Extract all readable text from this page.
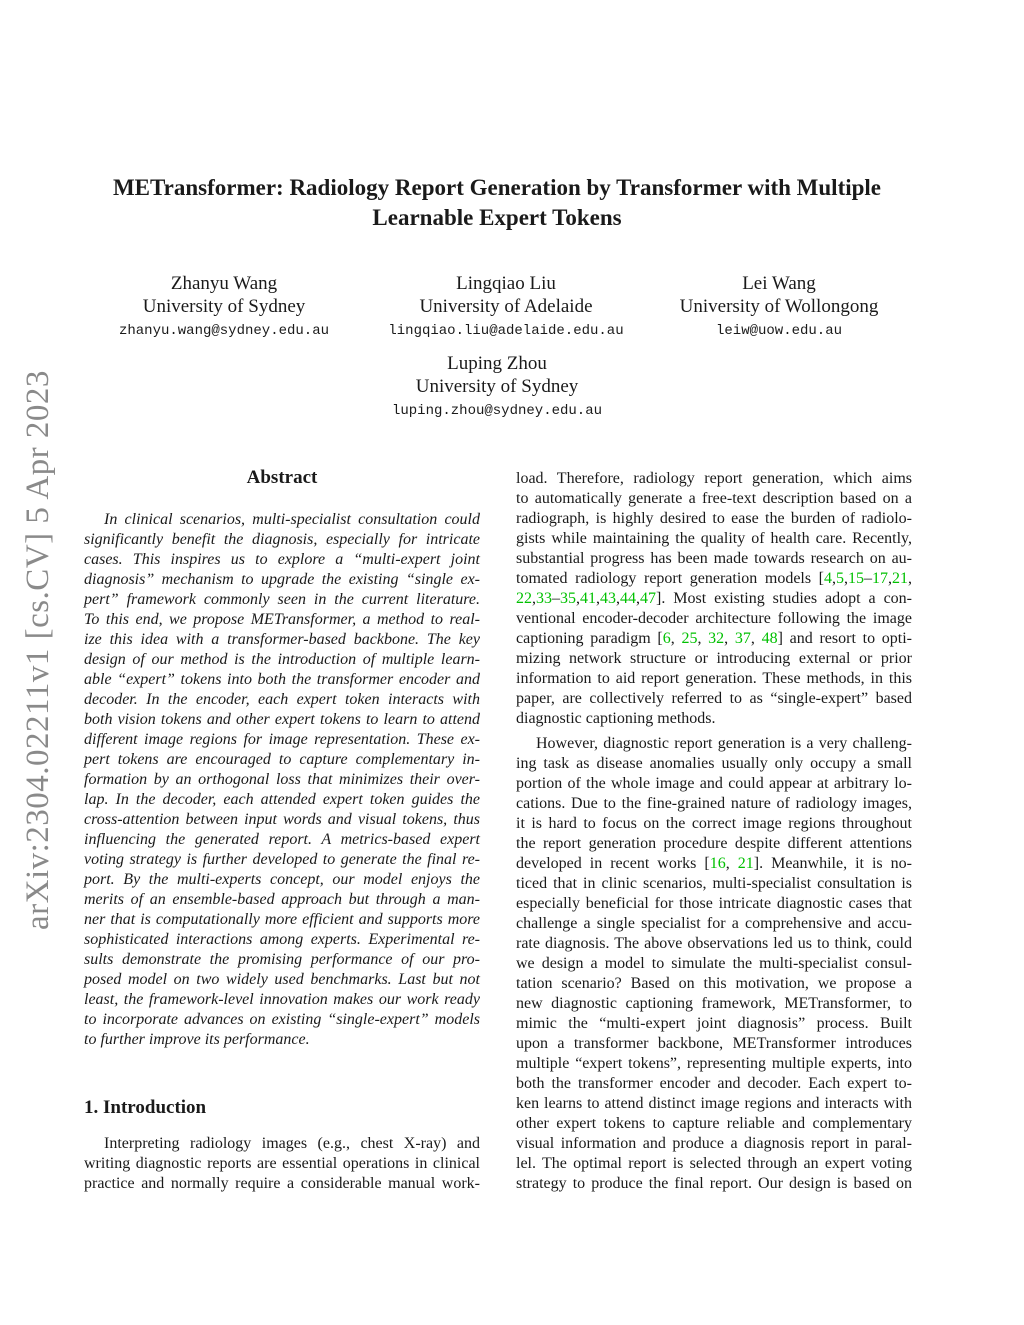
arXiv:2304.02211v1 [cs.CV] 5 Apr 2023
METransformer: Radiology Report Generation by Transformer with Multiple
Learnable Expert Tokens
Zhanyu Wang
University of Sydney
zhanyu.wang@sydney.edu.au
Lingqiao Liu
University of Adelaide
lingqiao.liu@adelaide.edu.au
Lei Wang
University of Wollongong
leiw@uow.edu.au
Luping Zhou
University of Sydney
luping.zhou@sydney.edu.au
Abstract
In clinical scenarios, multi-specialist consultation could
significantly benefit the diagnosis, especially for intricate
cases. This inspires us to explore a “multi-expert joint
diagnosis” mechanism to upgrade the existing “single ex-
pert” framework commonly seen in the current literature.
To this end, we propose METransformer, a method to real-
ize this idea with a transformer-based backbone. The key
design of our method is the introduction of multiple learn-
able “expert” tokens into both the transformer encoder and
decoder. In the encoder, each expert token interacts with
both vision tokens and other expert tokens to learn to attend
different image regions for image representation. These ex-
pert tokens are encouraged to capture complementary in-
formation by an orthogonal loss that minimizes their over-
lap. In the decoder, each attended expert token guides the
cross-attention between input words and visual tokens, thus
influencing the generated report. A metrics-based expert
voting strategy is further developed to generate the final re-
port. By the multi-experts concept, our model enjoys the
merits of an ensemble-based approach but through a man-
ner that is computationally more efficient and supports more
sophisticated interactions among experts. Experimental re-
sults demonstrate the promising performance of our pro-
posed model on two widely used benchmarks. Last but not
least, the framework-level innovation makes our work ready
to incorporate advances on existing “single-expert” models
to further improve its performance.
1. Introduction
Interpreting radiology images (e.g., chest X-ray) and
writing diagnostic reports are essential operations in clinical
practice and normally require a considerable manual work-
load. Therefore, radiology report generation, which aims
to automatically generate a free-text description based on a
radiograph, is highly desired to ease the burden of radiolo-
gists while maintaining the quality of health care. Recently,
substantial progress has been made towards research on au-
tomated radiology report generation models [4,5,15–17,21,
22,33–35,41,43,44,47]. Most existing studies adopt a con-
ventional encoder-decoder architecture following the image
captioning paradigm [6, 25, 32, 37, 48] and resort to opti-
mizing network structure or introducing external or prior
information to aid report generation. These methods, in this
paper, are collectively referred to as “single-expert” based
diagnostic captioning methods.
However, diagnostic report generation is a very challeng-
ing task as disease anomalies usually only occupy a small
portion of the whole image and could appear at arbitrary lo-
cations. Due to the fine-grained nature of radiology images,
it is hard to focus on the correct image regions throughout
the report generation procedure despite different attentions
developed in recent works [16, 21]. Meanwhile, it is no-
ticed that in clinic scenarios, multi-specialist consultation is
especially beneficial for those intricate diagnostic cases that
challenge a single specialist for a comprehensive and accu-
rate diagnosis. The above observations led us to think, could
we design a model to simulate the multi-specialist consul-
tation scenario? Based on this motivation, we propose a
new diagnostic captioning framework, METransformer, to
mimic the “multi-expert joint diagnosis” process. Built
upon a transformer backbone, METransformer introduces
multiple “expert tokens”, representing multiple experts, into
both the transformer encoder and decoder. Each expert to-
ken learns to attend distinct image regions and interacts with
other expert tokens to capture reliable and complementary
visual information and produce a diagnosis report in paral-
lel. The optimal report is selected through an expert voting
strategy to produce the final report. Our design is based on
